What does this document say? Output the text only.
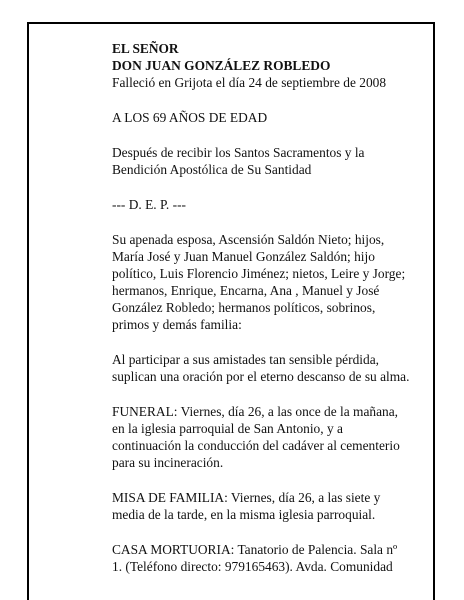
EL SEÑOR
DON JUAN GONZÁLEZ ROBLEDO
Falleció en Grijota el día 24 de septiembre de 2008
A LOS 69 AÑOS DE EDAD
Después de recibir los Santos Sacramentos y la
Bendición Apostólica de Su Santidad
--- D. E. P. ---
Su apenada esposa, Ascensión Saldón Nieto; hijos,
María José y Juan Manuel González Saldón; hijo
político, Luis Florencio Jiménez; nietos, Leire y Jorge;
hermanos, Enrique, Encarna, Ana , Manuel y José
González Robledo; hermanos políticos, sobrinos,
primos y demás familia:
Al participar a sus amistades tan sensible pérdida,
suplican una oración por el eterno descanso de su alma.
FUNERAL: Viernes, día 26, a las once de la mañana,
en la iglesia parroquial de San Antonio, y a
continuación la conducción del cadáver al cementerio
para su incineración.
MISA DE FAMILIA: Viernes, día 26, a las siete y
media de la tarde, en la misma iglesia parroquial.
CASA MORTUORIA: Tanatorio de Palencia. Sala nº
1. (Teléfono directo: 979165463). Avda. Comunidad
